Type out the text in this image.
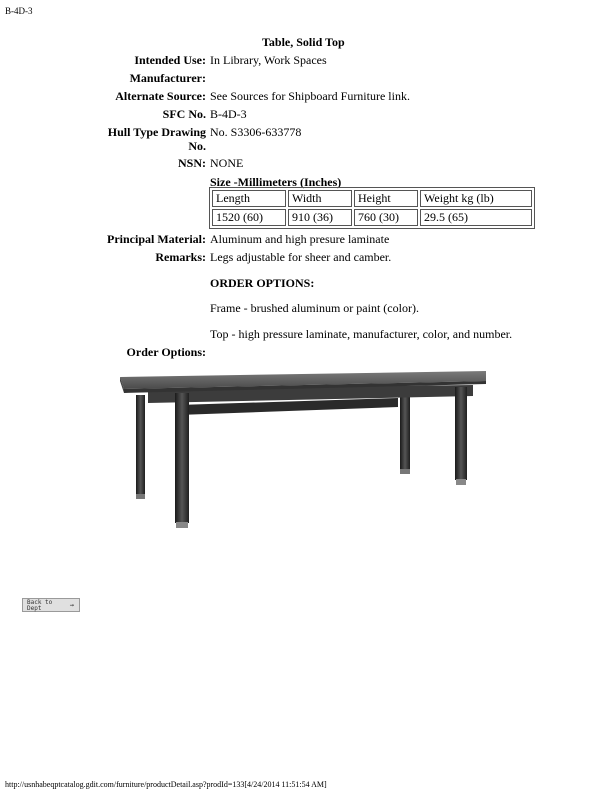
B-4D-3
Table, Solid Top
Intended Use: In Library, Work Spaces
Manufacturer:
Alternate Source: See Sources for Shipboard Furniture link.
SFC No. B-4D-3
Hull Type Drawing
No.
No. S3306-633778
NSN: NONE
Size -Millimeters (Inches)
Length	Width	Height	Weight kg (lb)
1520 (60)	910 (36)	760 (30)	29.5 (65)
Principal Material: Aluminum and high presure laminate
Remarks: Legs adjustable for sheer and camber.
ORDER OPTIONS:
Frame - brushed aluminum or paint (color).
Top - high pressure laminate, manufacturer, color, and number.
Order Options:
Back to
Dept	→
http://usnhabeqptcatalog.gdit.com/furniture/productDetail.asp?prodId=133[4/24/2014 11:51:54 AM]
